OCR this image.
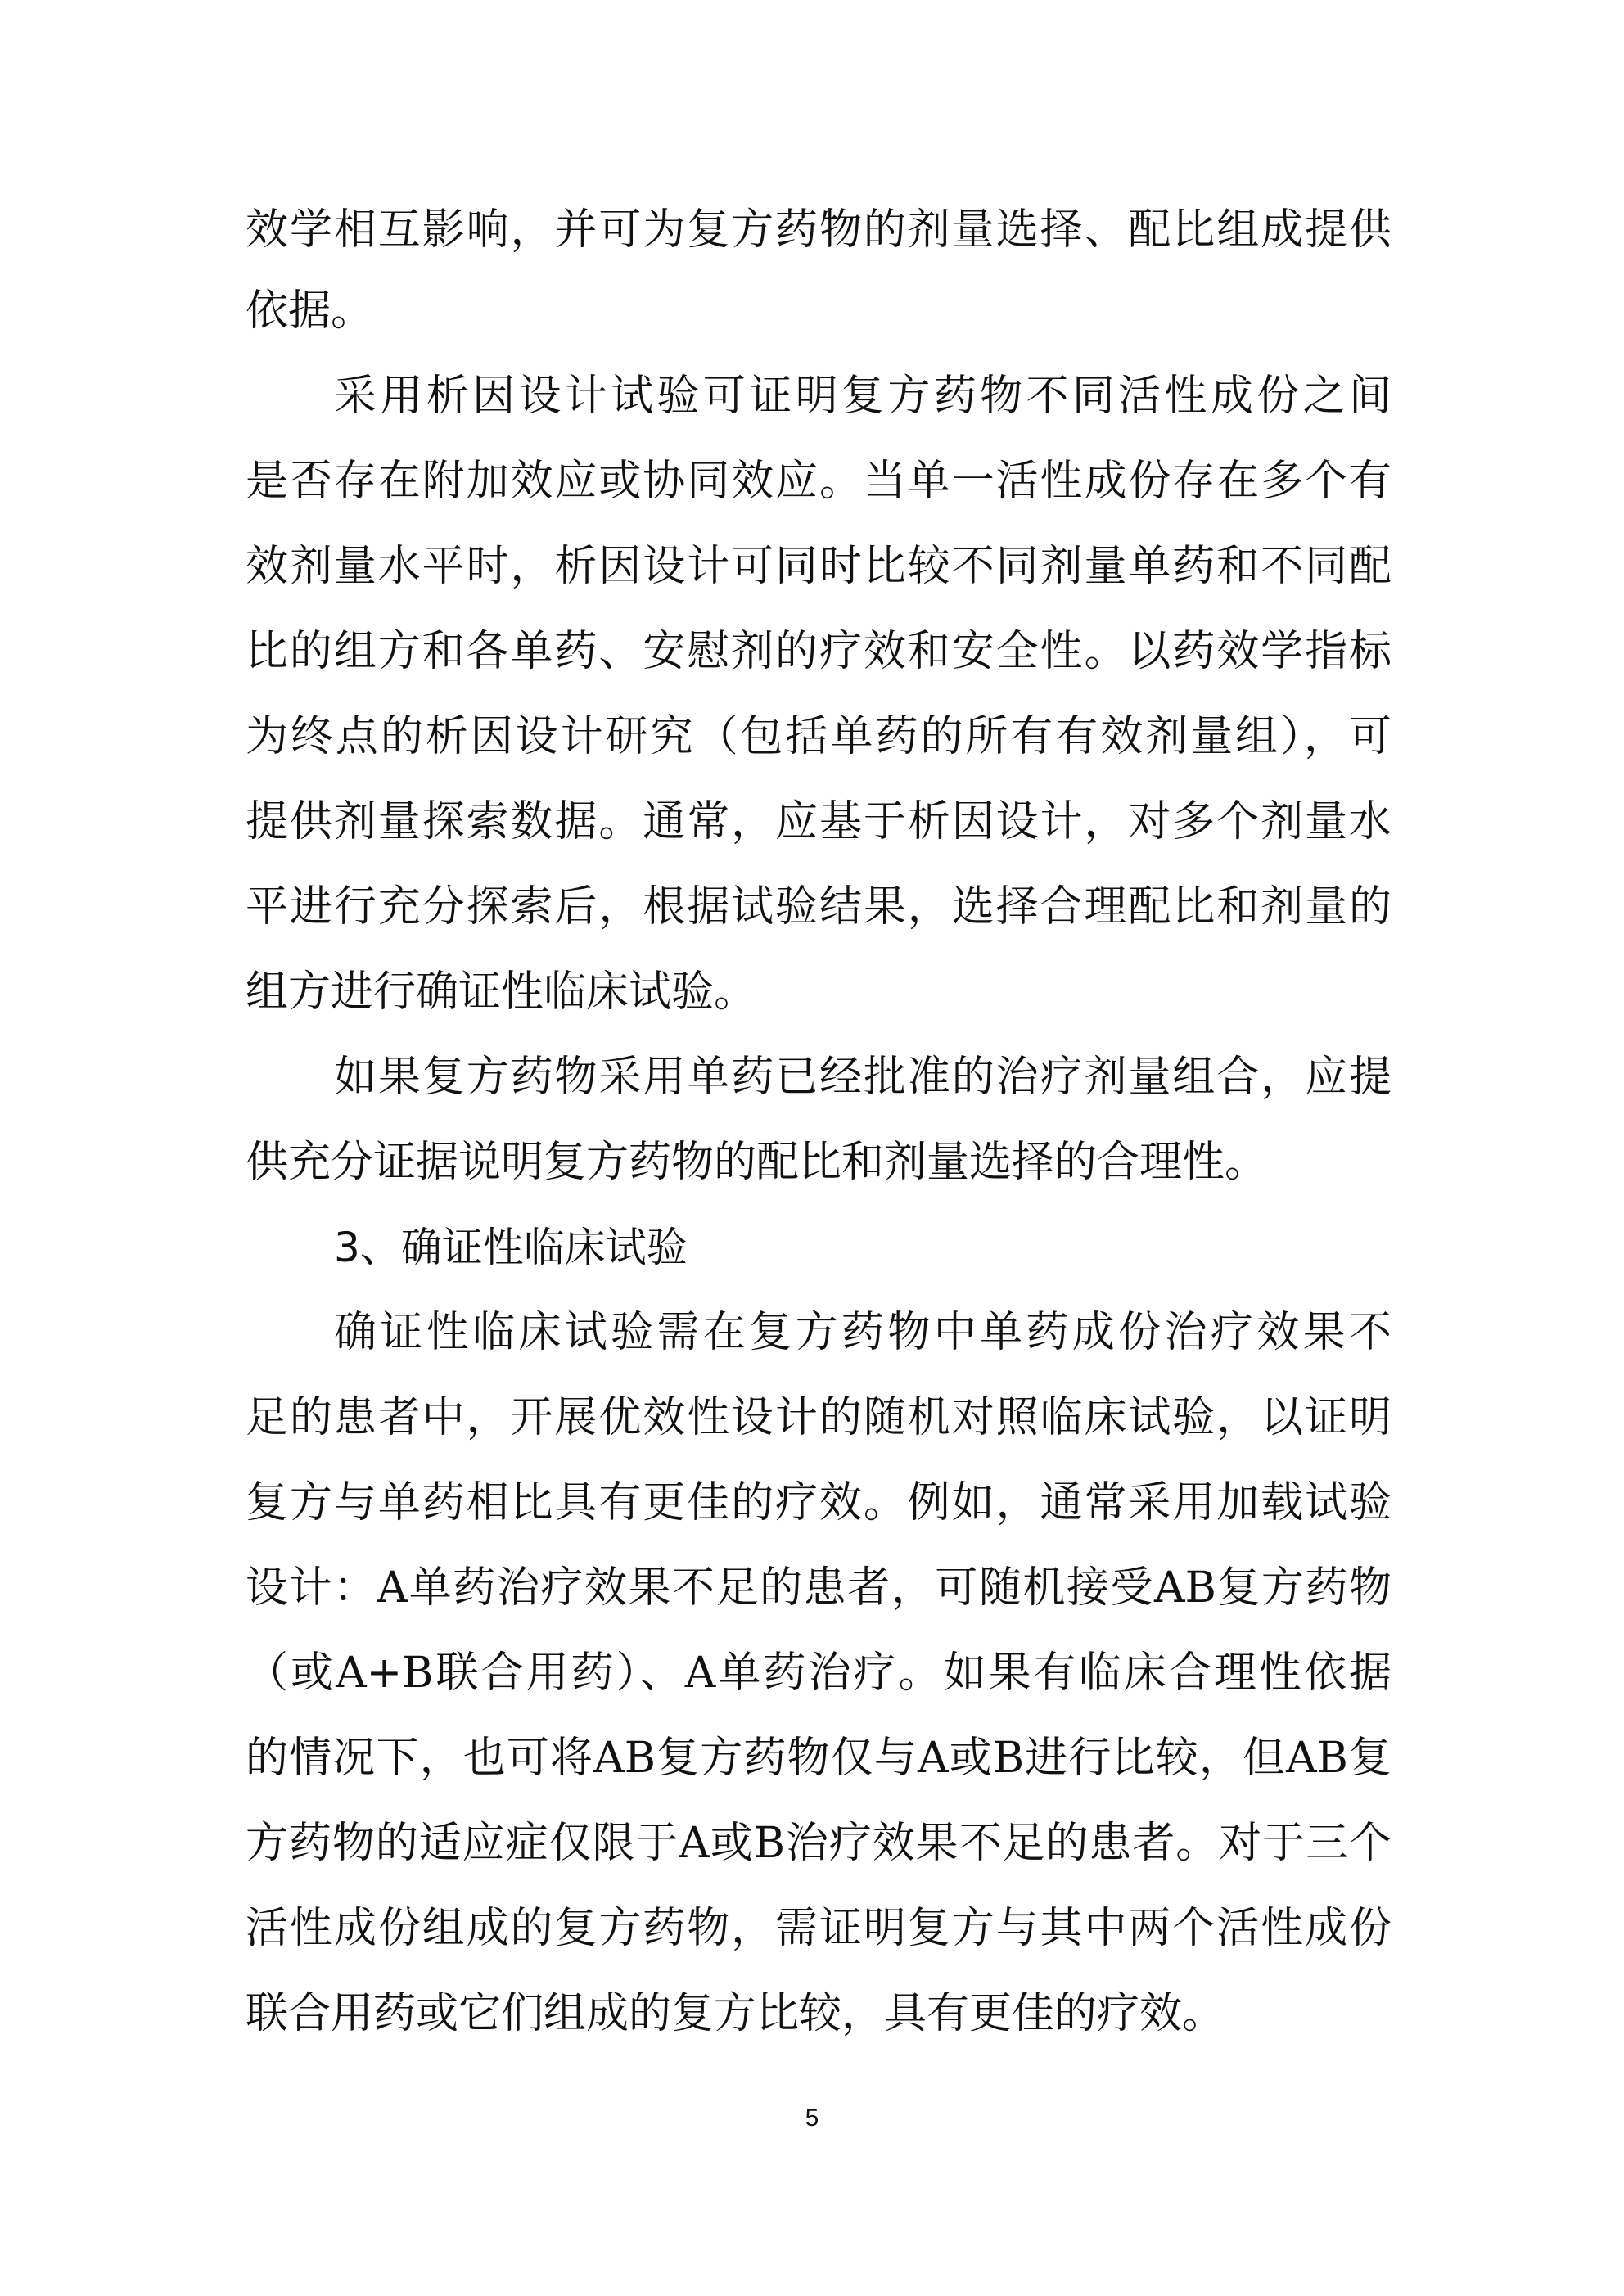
效学相互影响，并可为复方药物的剂量选择、配比组成提供
依据。
采用析因设计试验可证明复方药物不同活性成份之间
是否存在附加效应或协同效应。当单一活性成份存在多个有
效剂量水平时，析因设计可同时比较不同剂量单药和不同配
比的组方和各单药、安慰剂的疗效和安全性。以药效学指标
为终点的析因设计研究（包括单药的所有有效剂量组），可
提供剂量探索数据。通常，应基于析因设计，对多个剂量水
平进行充分探索后，根据试验结果，选择合理配比和剂量的
组方进行确证性临床试验。
如果复方药物采用单药已经批准的治疗剂量组合，应提
供充分证据说明复方药物的配比和剂量选择的合理性。
3、确证性临床试验
确证性临床试验需在复方药物中单药成份治疗效果不
足的患者中，开展优效性设计的随机对照临床试验，以证明
复方与单药相比具有更佳的疗效。例如，通常采用加载试验
设计：A单药治疗效果不足的患者，可随机接受AB复方药物
（或A+B联合用药）、A单药治疗。如果有临床合理性依据
的情况下，也可将AB复方药物仅与A或B进行比较，但AB复
方药物的适应症仅限于A或B治疗效果不足的患者。对于三个
活性成份组成的复方药物，需证明复方与其中两个活性成份
联合用药或它们组成的复方比较，具有更佳的疗效。
5
